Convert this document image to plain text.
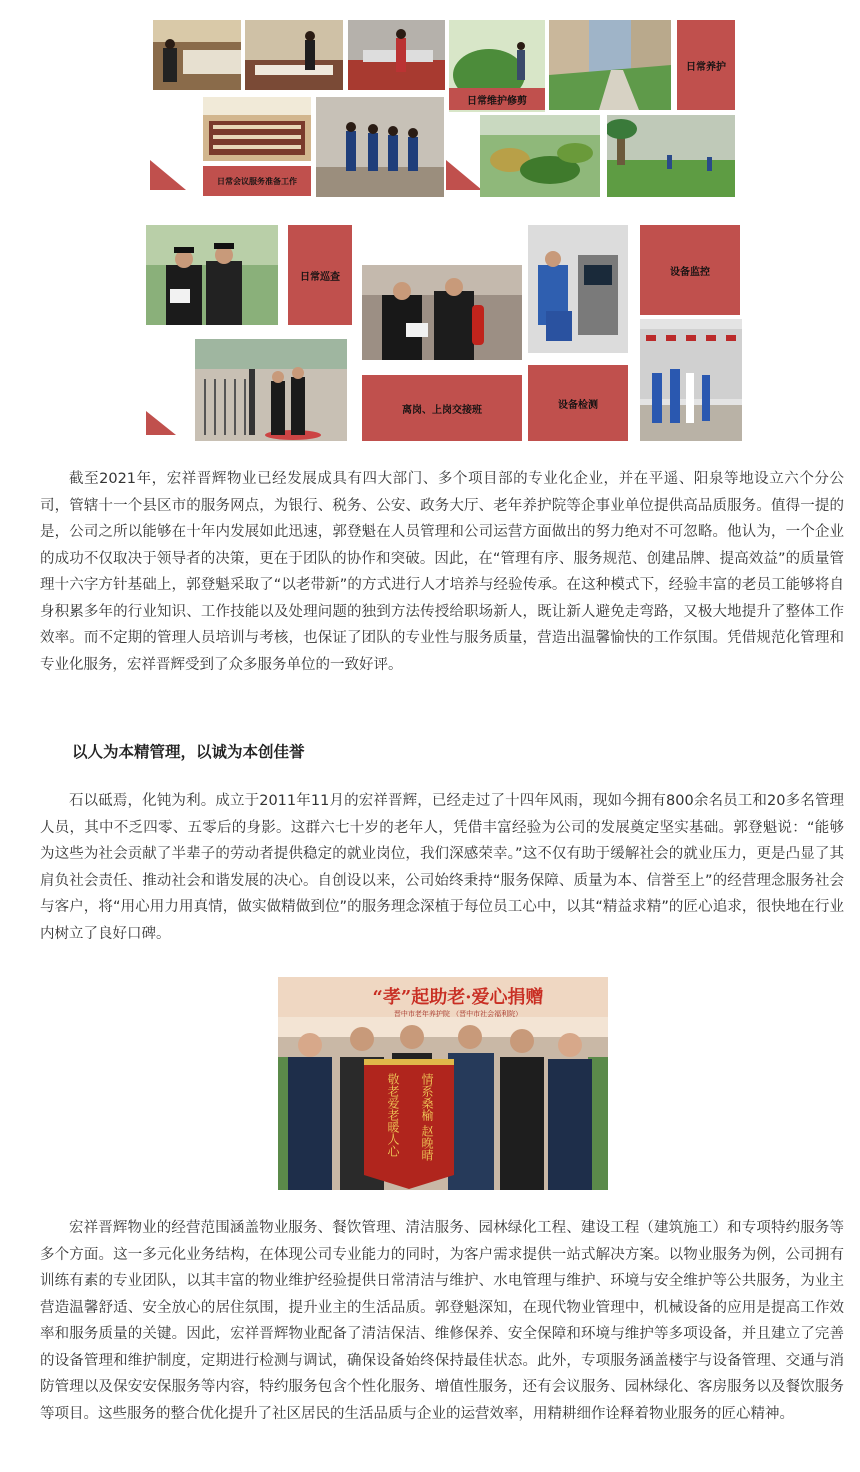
日常维护修剪
日常养护
日常会议服务准备工作
日常巡查	设备监控
离岗、上岗交接班	设备检测

截至2021年，宏祥晋辉物业已经发展成具有四大部门、多个项目部的专业化企业，并在平遥、阳泉等地设立六个分公司，管辖十一个县区市的服务网点，为银行、税务、公安、政务大厅、老年养护院等企事业单位提供高品质服务。值得一提的是，公司之所以能够在十年内发展如此迅速，郭登魁在人员管理和公司运营方面做出的努力绝对不可忽略。他认为，一个企业的成功不仅取决于领导者的决策，更在于团队的协作和突破。因此，在“管理有序、服务规范、创建品牌、提高效益”的质量管理十六字方针基础上，郭登魁采取了“以老带新”的方式进行人才培养与经验传承。在这种模式下，经验丰富的老员工能够将自身积累多年的行业知识、工作技能以及处理问题的独到方法传授给职场新人，既让新人避免走弯路，又极大地提升了整体工作效率。而不定期的管理人员培训与考核，也保证了团队的专业性与服务质量，营造出温馨愉快的工作氛围。凭借规范化管理和专业化服务，宏祥晋辉受到了众多服务单位的一致好评。

以人为本精管理，以诚为本创佳誉

石以砥焉，化钝为利。成立于2011年11月的宏祥晋辉，已经走过了十四年风雨，现如今拥有800余名员工和20多名管理人员，其中不乏四零、五零后的身影。这群六七十岁的老年人，凭借丰富经验为公司的发展奠定坚实基础。郭登魁说：“能够为这些为社会贡献了半辈子的劳动者提供稳定的就业岗位，我们深感荣幸。”这不仅有助于缓解社会的就业压力，更是凸显了其肩负社会责任、推动社会和谐发展的决心。自创设以来，公司始终秉持“服务保障、质量为本、信誉至上”的经营理念服务社会与客户，将“用心用力用真情，做实做精做到位”的服务理念深植于每位员工心中，以其“精益求精”的匠心追求，很快地在行业内树立了良好口碑。

“孝”起助老·爱心捐赠
晋中市老年养护院 （晋中市社会福利院）
情系桑榆 赵晚晴
敬老爱老暖人心

宏祥晋辉物业的经营范围涵盖物业服务、餐饮管理、清洁服务、园林绿化工程、建设工程（建筑施工）和专项特约服务等多个方面。这一多元化业务结构，在体现公司专业能力的同时，为客户需求提供一站式解决方案。以物业服务为例，公司拥有训练有素的专业团队，以其丰富的物业维护经验提供日常清洁与维护、水电管理与维护、环境与安全维护等公共服务，为业主营造温馨舒适、安全放心的居住氛围，提升业主的生活品质。郭登魁深知，在现代物业管理中，机械设备的应用是提高工作效率和服务质量的关键。因此，宏祥晋辉物业配备了清洁保洁、维修保养、安全保障和环境与维护等多项设备，并且建立了完善的设备管理和维护制度，定期进行检测与调试，确保设备始终保持最佳状态。此外，专项服务涵盖楼宇与设备管理、交通与消防管理以及保安安保服务等内容，特约服务包含个性化服务、增值性服务，还有会议服务、园林绿化、客房服务以及餐饮服务等项目。这些服务的整合优化提升了社区居民的生活品质与企业的运营效率，用精耕细作诠释着物业服务的匠心精神。
